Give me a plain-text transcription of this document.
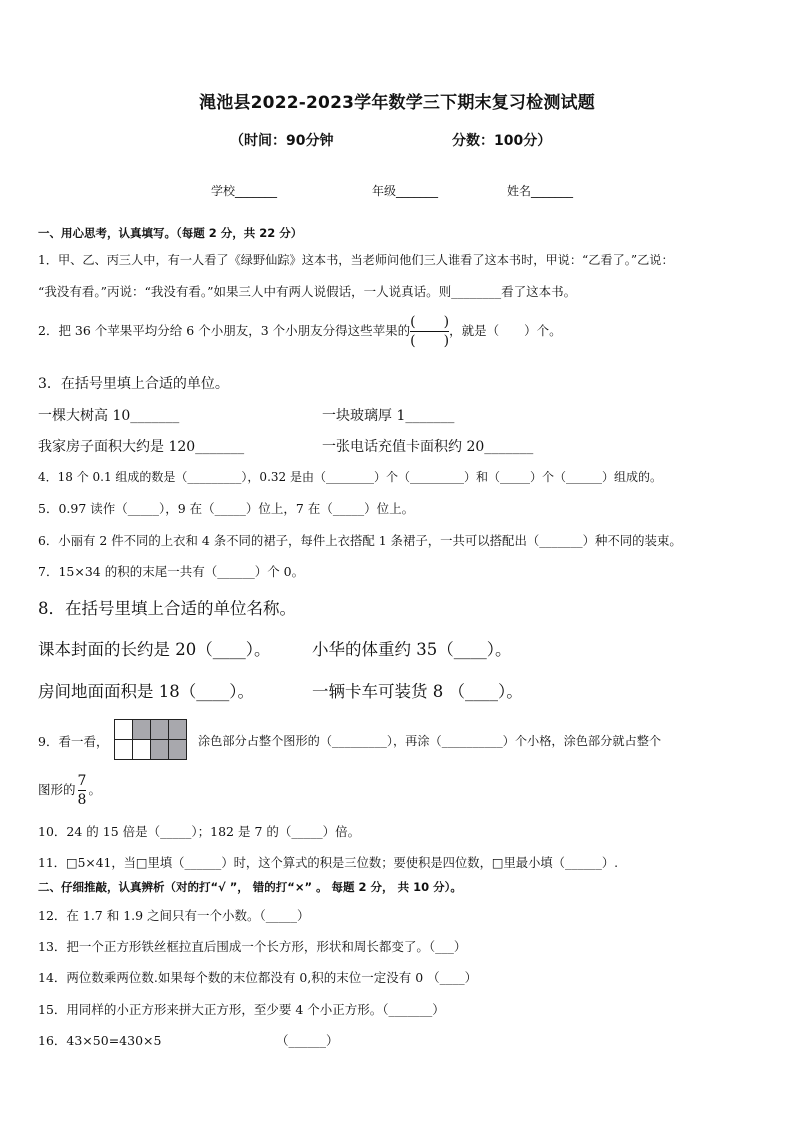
渑池县2022-2023学年数学三下期末复习检测试题
（时间：90分钟	分数：100分）
学校_______	年级_______	姓名_______
一、用心思考，认真填写。（每题 2 分，共 22 分）
1．甲、乙、丙三人中，有一人看了《绿野仙踪》这本书，当老师问他们三人谁看了这本书时，甲说：“乙看了。”乙说：
“我没有看。”丙说：“我没有看。”如果三人中有两人说假话，一人说真话。则________看了这本书。
2．把 36 个苹果平均分给 6 个小朋友，3 个小朋友分得这些苹果的 $\frac{( )}{( )}$ ，就是（　　）个。
3．在括号里填上合适的单位。
一棵大树高 10_______	一块玻璃厚 1_______
我家房子面积大约是 120_______	一张电话充值卡面积约 20_______
4．18 个 0.1 组成的数是（_________），0.32 是由（________）个（_________）和（_____）个（______）组成的。
5．0.97 读作（_____），9 在（_____）位上，7 在（_____）位上。
6．小丽有 2 件不同的上衣和 4 条不同的裙子，每件上衣搭配 1 条裙子，一共可以搭配出（_______）种不同的装束。
7．15×34 的积的末尾一共有（______）个 0。
8．在括号里填上合适的单位名称。
课本封面的长约是 20（____）。	小华的体重约 35（____）。
房间地面面积是 18（____）。	一辆卡车可装货 8 （____）。
9．看一看，

				涂色部分占整个图形的（_________），再涂（__________）个小格，涂色部分就占整个
图形的 $\frac{7}{8}$ 。
10．24 的 15 倍是（_____）；182 是 7 的（_____）倍。
11．□5×41，当□里填（______）时，这个算式的积是三位数；要使积是四位数，□里最小填（______）.
二、仔细推敲，认真辨析（对的打“√ ”， 错的打“×” 。 每题 2 分， 共 10 分）。
12．在 1.7 和 1.9 之间只有一个小数。（_____）
13．把一个正方形铁丝框拉直后围成一个长方形，形状和周长都变了。（___）
14．两位数乘两位数.如果每个数的末位都没有 0,积的末位一定没有 0 （____）
15．用同样的小正方形来拼大正方形，至少要 4 个小正方形。（_______）
16．43×50=430×5	（______）
